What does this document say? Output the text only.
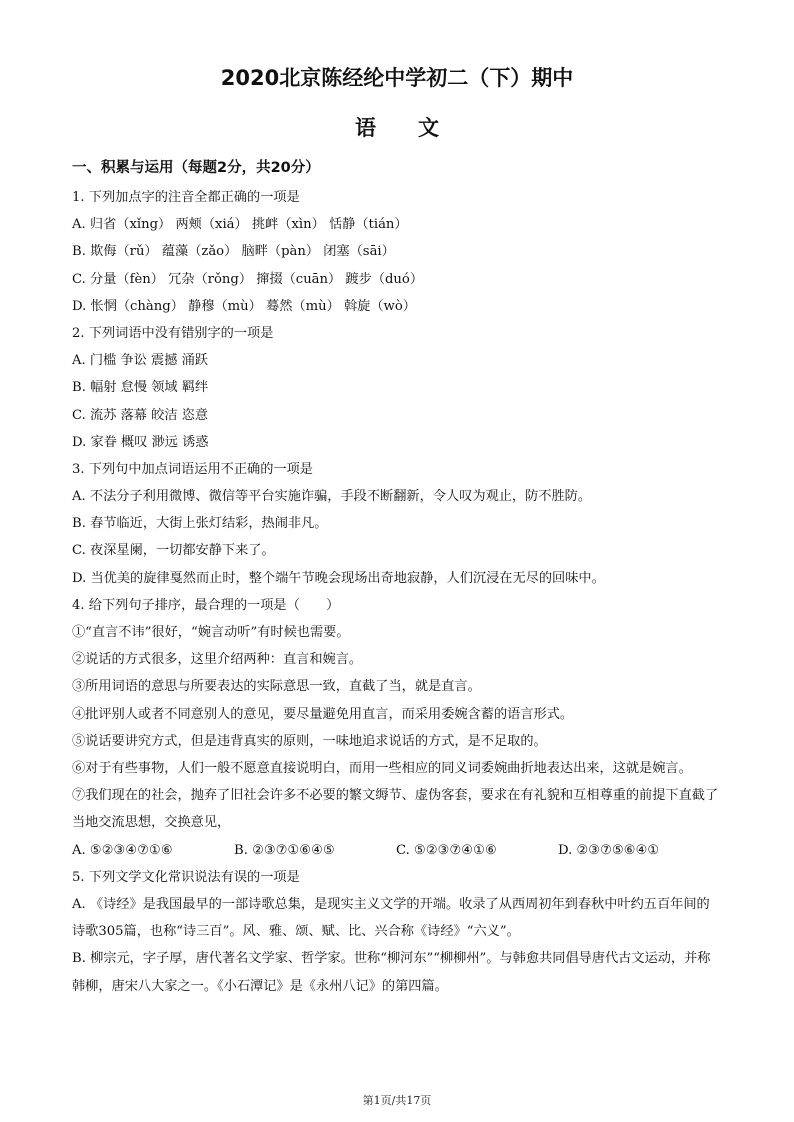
2020北京陈经纶中学初二（下）期中
语文
一、积累与运用（每题2分，共20分）
1. 下列加点字的注音全都正确的一项是
A. 归省（xǐng） 两颊（xiá） 挑衅（xìn） 恬静（tián）
B. 欺侮（rǔ） 蕴藻（zǎo） 脑畔（pàn） 闭塞（sāi）
C. 分量（fèn） 冗杂（rǒng） 撺掇（cuān） 踱步（duó）
D. 怅惘（chàng） 静穆（mù） 蓦然（mù） 斡旋（wò）
2. 下列词语中没有错别字的一项是
A. 门槛 争讼 震撼 涌跃
B. 幅射 怠慢 领域 羁绊
C. 流苏 落幕 皎洁 恣意
D. 家眷 概叹 渺远 诱惑
3. 下列句中加点词语运用不正确的一项是
A. 不法分子利用微博、微信等平台实施诈骗，手段不断翻新，令人叹为观止，防不胜防。
B. 春节临近，大街上张灯结彩，热闹非凡。
C. 夜深星阑，一切都安静下来了。
D. 当优美的旋律戛然而止时，整个端午节晚会现场出奇地寂静，人们沉浸在无尽的回味中。
4. 给下列句子排序，最合理的一项是（　　）
①“直言不讳”很好，“婉言动听”有时候也需要。
②说话的方式很多，这里介绍两种：直言和婉言。
③所用词语的意思与所要表达的实际意思一致，直截了当，就是直言。
④批评别人或者不同意别人的意见，要尽量避免用直言，而采用委婉含蓄的语言形式。
⑤说话要讲究方式，但是违背真实的原则，一味地追求说话的方式，是不足取的。
⑥对于有些事物，人们一般不愿意直接说明白，而用一些相应的同义词委婉曲折地表达出来，这就是婉言。
⑦我们现在的社会，抛弃了旧社会许多不必要的繁文缛节、虚伪客套，要求在有礼貌和互相尊重的前提下直截了当地交流思想，交换意见，
A. ⑤②③④⑦①⑥	B. ②③⑦①⑥④⑤	C. ⑤②③⑦④①⑥	D. ②③⑦⑤⑥④①
5. 下列文学文化常识说法有误的一项是
A. 《诗经》是我国最早的一部诗歌总集，是现实主义文学的开端。收录了从西周初年到春秋中叶约五百年间的诗歌305篇，也称“诗三百”。风、雅、颂、赋、比、兴合称《诗经》“六义”。
B. 柳宗元，字子厚，唐代著名文学家、哲学家。世称“柳河东”“柳柳州”。与韩愈共同倡导唐代古文运动，并称韩柳，唐宋八大家之一。《小石潭记》是《永州八记》的第四篇。
第1页/共17页
